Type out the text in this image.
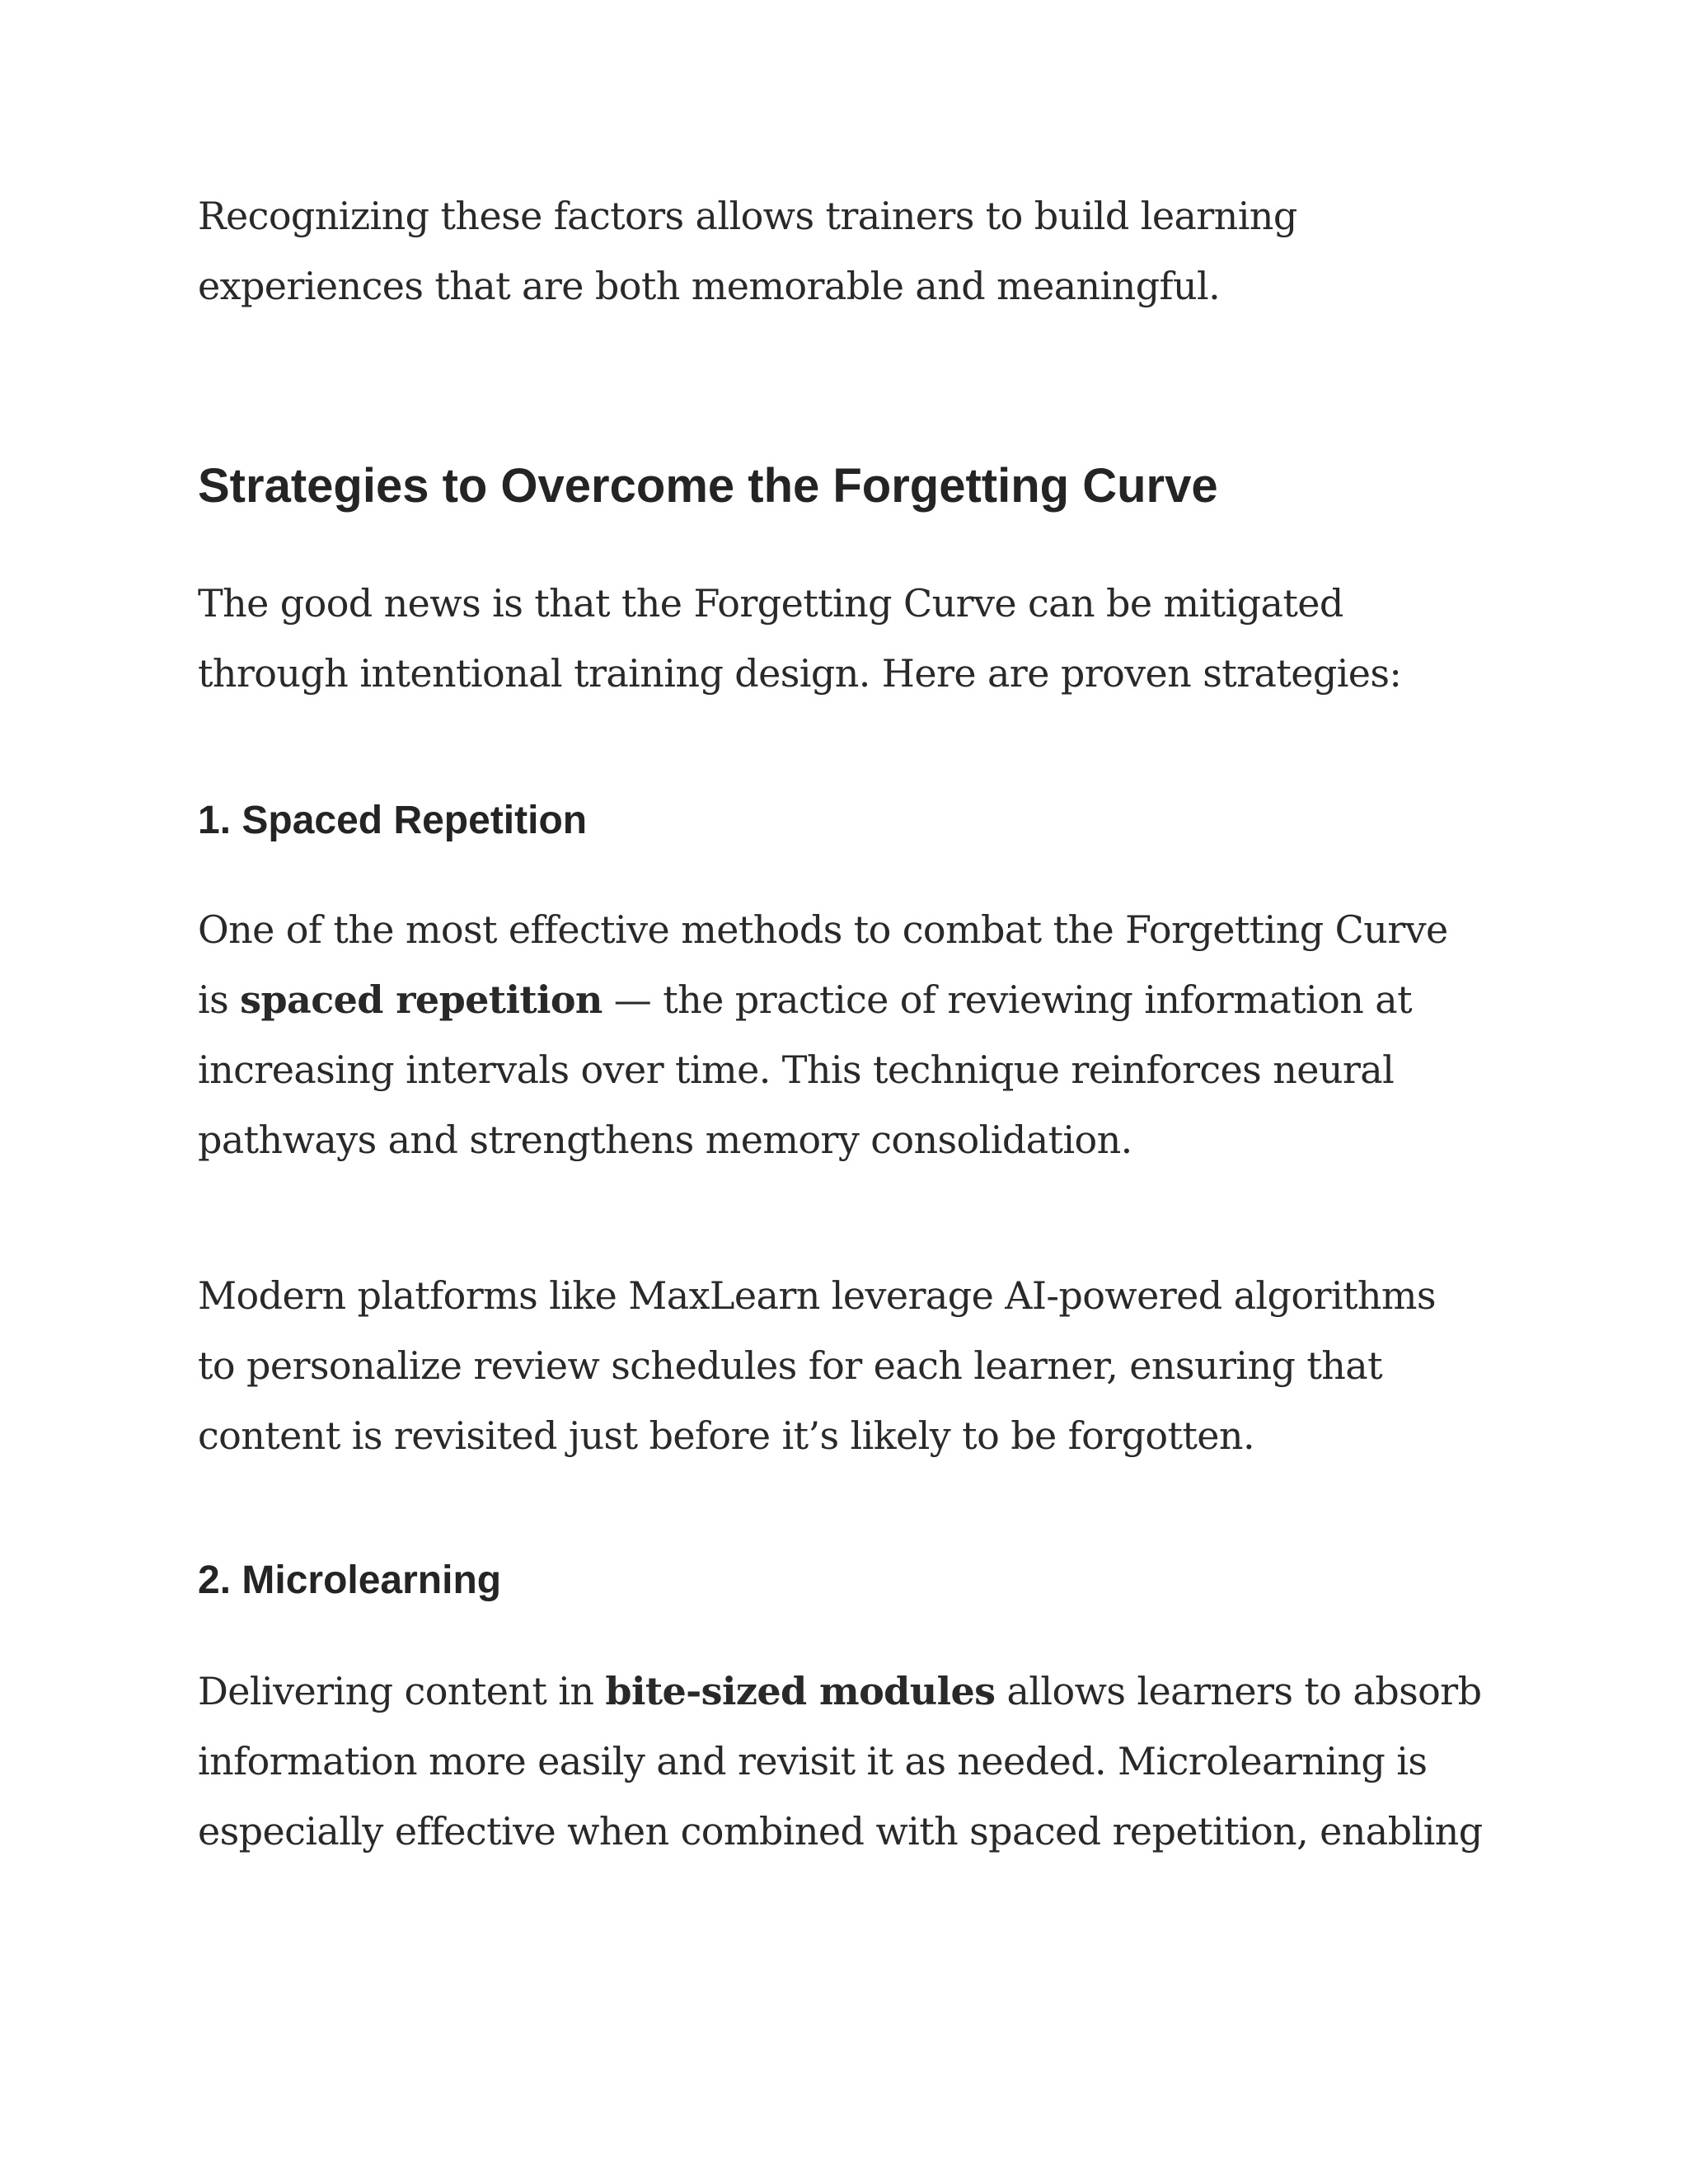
Recognizing these factors allows trainers to build learning experiences that are both memorable and meaningful.

Strategies to Overcome the Forgetting Curve

The good news is that the Forgetting Curve can be mitigated through intentional training design. Here are proven strategies:

1. Spaced Repetition

One of the most effective methods to combat the Forgetting Curve is spaced repetition — the practice of reviewing information at increasing intervals over time. This technique reinforces neural pathways and strengthens memory consolidation.

Modern platforms like MaxLearn leverage AI-powered algorithms to personalize review schedules for each learner, ensuring that content is revisited just before it’s likely to be forgotten.

2. Microlearning

Delivering content in bite-sized modules allows learners to absorb information more easily and revisit it as needed. Microlearning is especially effective when combined with spaced repetition, enabling
